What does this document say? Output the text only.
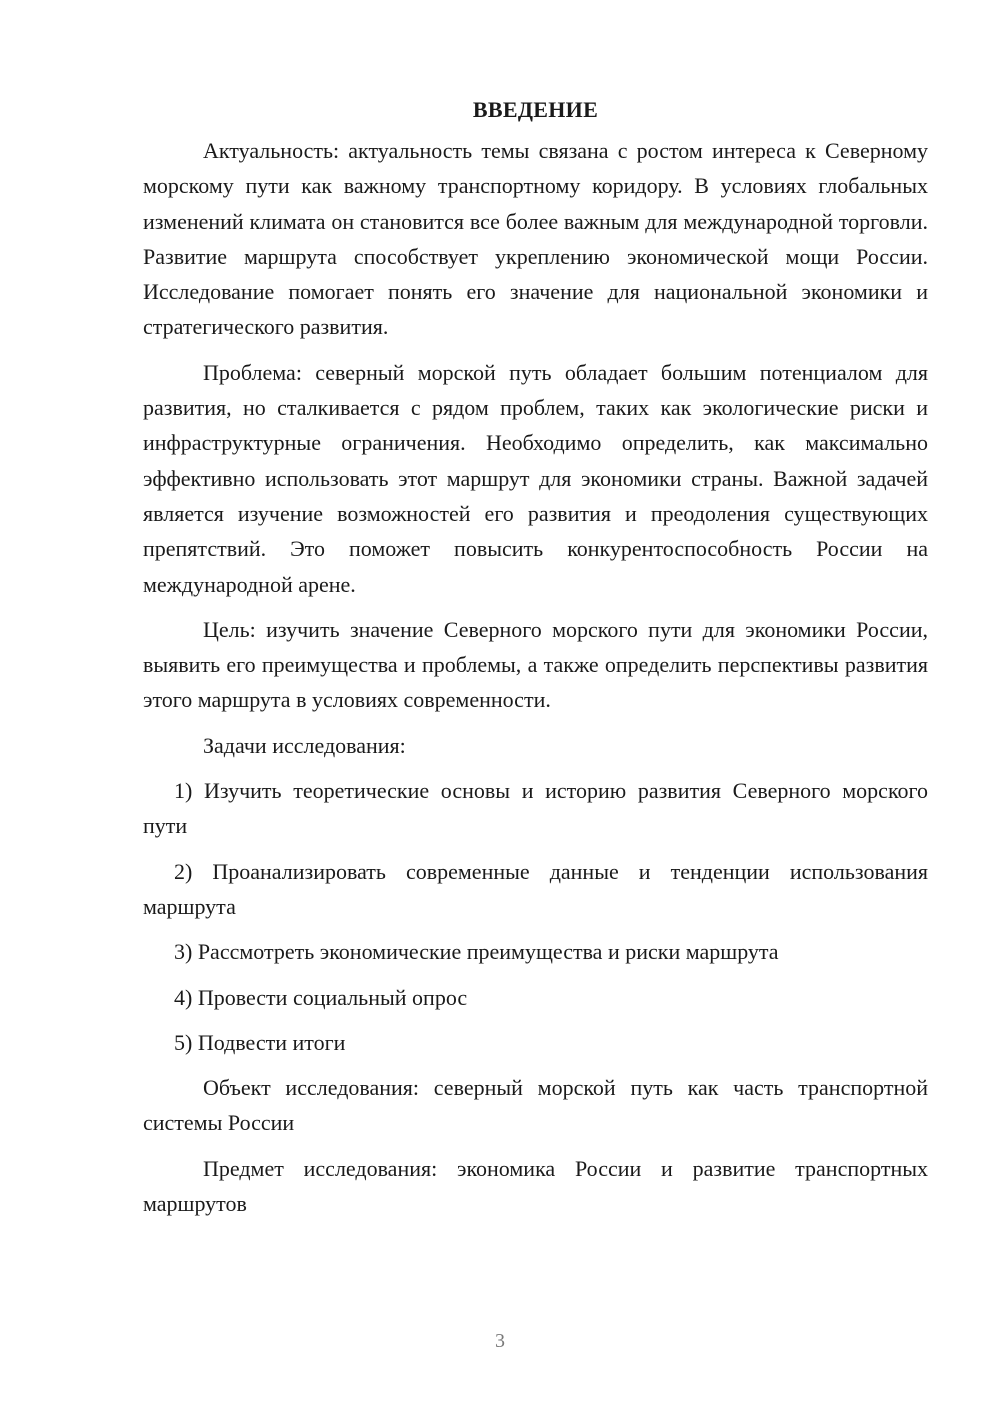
ВВЕДЕНИЕ

Актуальность: актуальность темы связана с ростом интереса к Северному морскому пути как важному транспортному коридору. В условиях глобальных изменений климата он становится все более важным для международной торговли. Развитие маршрута способствует укреплению экономической мощи России. Исследование помогает понять его значение для национальной экономики и стратегического развития.

Проблема: северный морской путь обладает большим потенциалом для развития, но сталкивается с рядом проблем, таких как экологические риски и инфраструктурные ограничения. Необходимо определить, как максимально эффективно использовать этот маршрут для экономики страны. Важной задачей является изучение возможностей его развития и преодоления существующих препятствий. Это поможет повысить конкурентоспособность России на международной арене.

Цель: изучить значение Северного морского пути для экономики России, выявить его преимущества и проблемы, а также определить перспективы развития этого маршрута в условиях современности.

Задачи исследования:

1) Изучить теоретические основы и историю развития Северного морского пути

2) Проанализировать современные данные и тенденции использования маршрута

3) Рассмотреть экономические преимущества и риски маршрута

4) Провести социальный опрос

5) Подвести итоги

Объект исследования: северный морской путь как часть транспортной системы России

Предмет исследования: экономика России и развитие транспортных маршрутов

3
